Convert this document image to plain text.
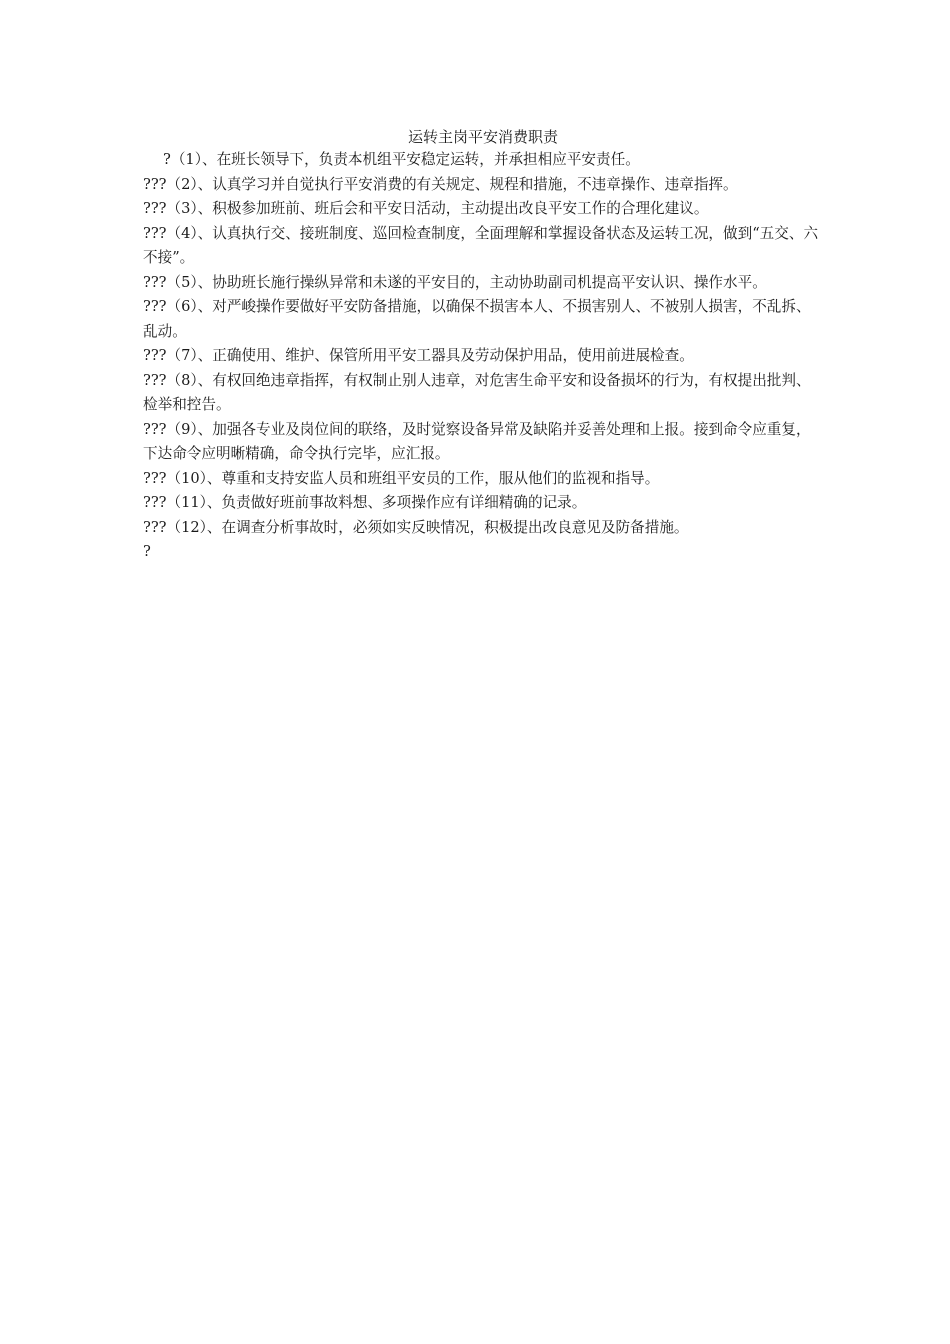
运转主岗平安消费职责

?（1）、在班长领导下，负责本机组平安稳定运转，并承担相应平安责任。

???（2）、认真学习并自觉执行平安消费的有关规定、规程和措施，不违章操作、违章指挥。

???（3）、积极参加班前、班后会和平安日活动，主动提出改良平安工作的合理化建议。

???（4）、认真执行交、接班制度、巡回检查制度，全面理解和掌握设备状态及运转工况，做到“五交、六不接”。

???（5）、协助班长施行操纵异常和未遂的平安目的，主动协助副司机提高平安认识、操作水平。

???（6）、对严峻操作要做好平安防备措施，以确保不损害本人、不损害别人、不被别人损害，不乱拆、乱动。

???（7）、正确使用、维护、保管所用平安工器具及劳动保护用品，使用前进展检查。

???（8）、有权回绝违章指挥，有权制止别人违章，对危害生命平安和设备损坏的行为，有权提出批判、检举和控告。

???（9）、加强各专业及岗位间的联络，及时觉察设备异常及缺陷并妥善处理和上报。接到命令应重复，下达命令应明晰精确，命令执行完毕，应汇报。

???（10）、尊重和支持安监人员和班组平安员的工作，服从他们的监视和指导。

???（11）、负责做好班前事故料想、多项操作应有详细精确的记录。

???（12）、在调查分析事故时，必须如实反映情况，积极提出改良意见及防备措施。

?
